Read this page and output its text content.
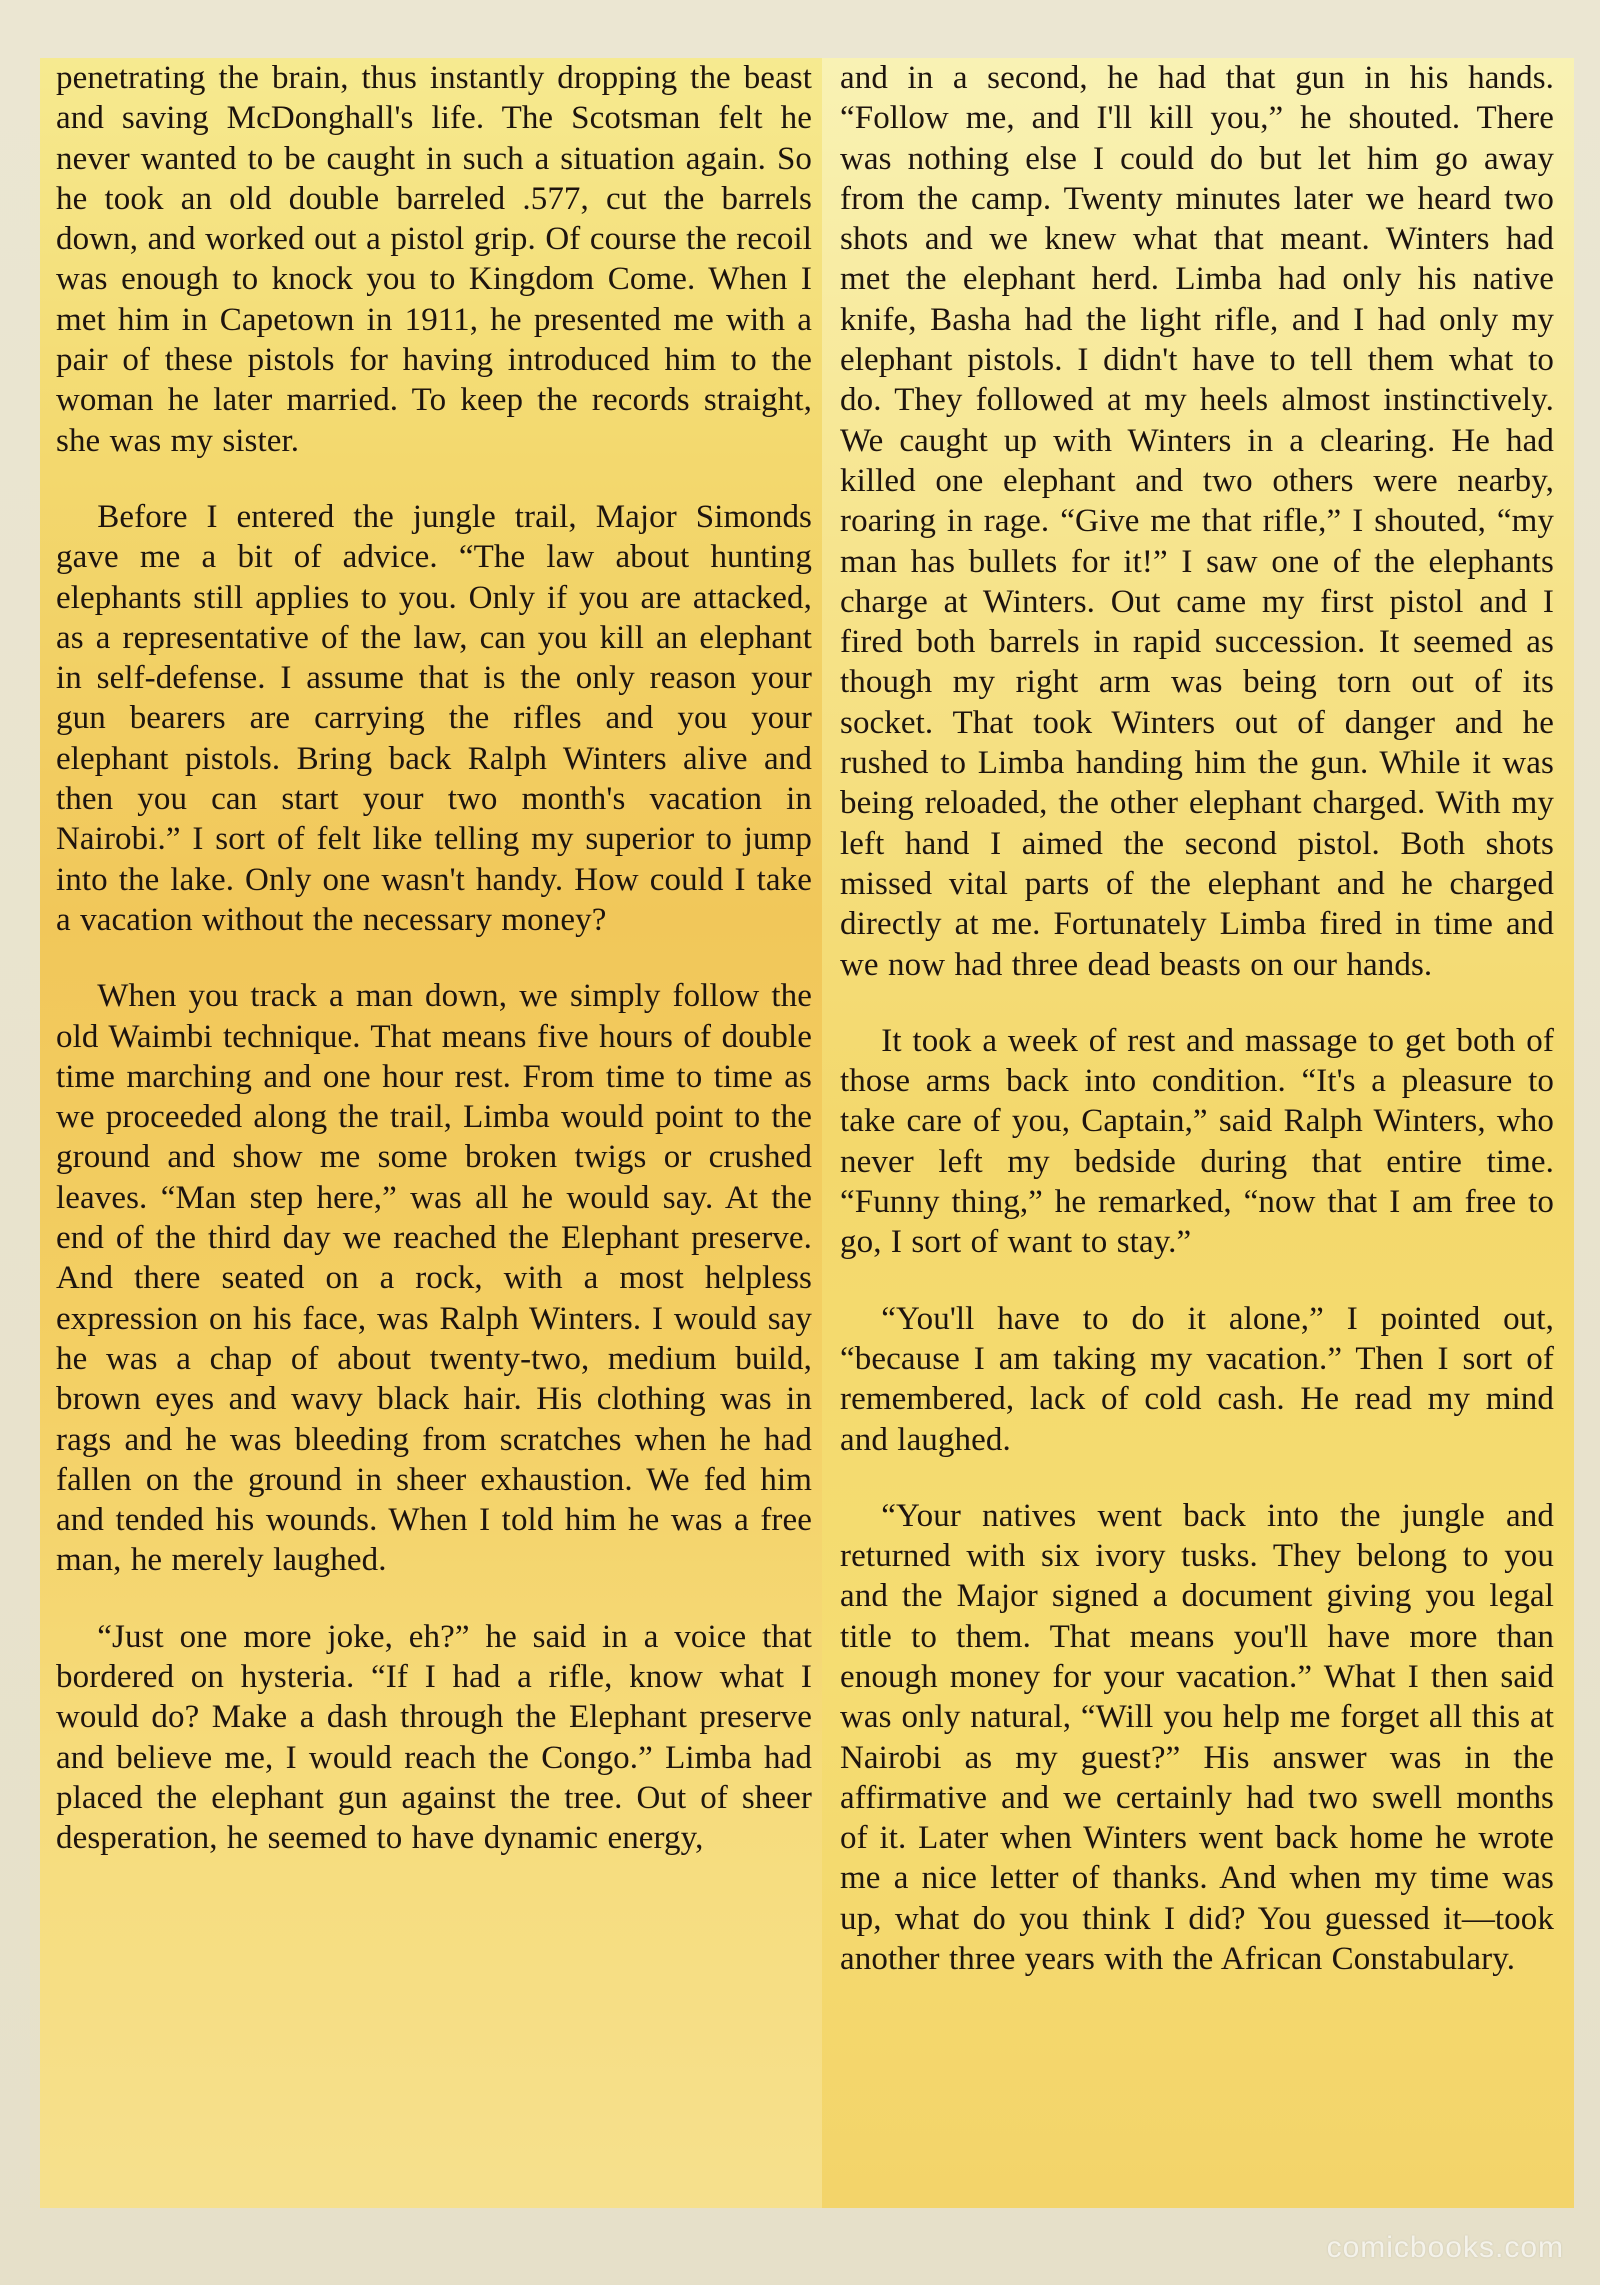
penetrating the brain, thus instantly dropping the beast and saving McDonghall's life. The Scotsman felt he never wanted to be caught in such a situation again. So he took an old double barreled .577, cut the barrels down, and worked out a pistol grip. Of course the recoil was enough to knock you to Kingdom Come. When I met him in Capetown in 1911, he presented me with a pair of these pistols for having introduced him to the woman he later married. To keep the records straight, she was my sister.

Before I entered the jungle trail, Major Simonds gave me a bit of advice. “The law about hunting elephants still applies to you. Only if you are attacked, as a representative of the law, can you kill an elephant in self-defense. I assume that is the only reason your gun bearers are carrying the rifles and you your elephant pistols. Bring back Ralph Winters alive and then you can start your two month's vacation in Nairobi.” I sort of felt like telling my superior to jump into the lake. Only one wasn't handy. How could I take a vacation without the necessary money?

When you track a man down, we simply follow the old Waimbi technique. That means five hours of double time marching and one hour rest. From time to time as we proceeded along the trail, Limba would point to the ground and show me some broken twigs or crushed leaves. “Man step here,” was all he would say. At the end of the third day we reached the Elephant preserve. And there seated on a rock, with a most helpless expression on his face, was Ralph Winters. I would say he was a chap of about twenty-two, medium build, brown eyes and wavy black hair. His clothing was in rags and he was bleeding from scratches when he had fallen on the ground in sheer exhaustion. We fed him and tended his wounds. When I told him he was a free man, he merely laughed.

“Just one more joke, eh?” he said in a voice that bordered on hysteria. “If I had a rifle, know what I would do? Make a dash through the Elephant preserve and believe me, I would reach the Congo.” Limba had placed the elephant gun against the tree. Out of sheer desperation, he seemed to have dynamic energy,

and in a second, he had that gun in his hands. “Follow me, and I'll kill you,” he shouted. There was nothing else I could do but let him go away from the camp. Twenty minutes later we heard two shots and we knew what that meant. Winters had met the elephant herd. Limba had only his native knife, Basha had the light rifle, and I had only my elephant pistols. I didn't have to tell them what to do. They followed at my heels almost instinctively. We caught up with Winters in a clearing. He had killed one elephant and two others were nearby, roaring in rage. “Give me that rifle,” I shouted, “my man has bullets for it!” I saw one of the elephants charge at Winters. Out came my first pistol and I fired both barrels in rapid succession. It seemed as though my right arm was being torn out of its socket. That took Winters out of danger and he rushed to Limba handing him the gun. While it was being reloaded, the other elephant charged. With my left hand I aimed the second pistol. Both shots missed vital parts of the elephant and he charged directly at me. Fortunately Limba fired in time and we now had three dead beasts on our hands.

It took a week of rest and massage to get both of those arms back into condition. “It's a pleasure to take care of you, Captain,” said Ralph Winters, who never left my bedside during that entire time. “Funny thing,” he remarked, “now that I am free to go, I sort of want to stay.”

“You'll have to do it alone,” I pointed out, “because I am taking my vacation.” Then I sort of remembered, lack of cold cash. He read my mind and laughed.

“Your natives went back into the jungle and returned with six ivory tusks. They belong to you and the Major signed a document giving you legal title to them. That means you'll have more than enough money for your vacation.” What I then said was only natural, “Will you help me forget all this at Nairobi as my guest?” His answer was in the affirmative and we certainly had two swell months of it. Later when Winters went back home he wrote me a nice letter of thanks. And when my time was up, what do you think I did? You guessed it—took another three years with the African Constabulary.

comicbooks.com
